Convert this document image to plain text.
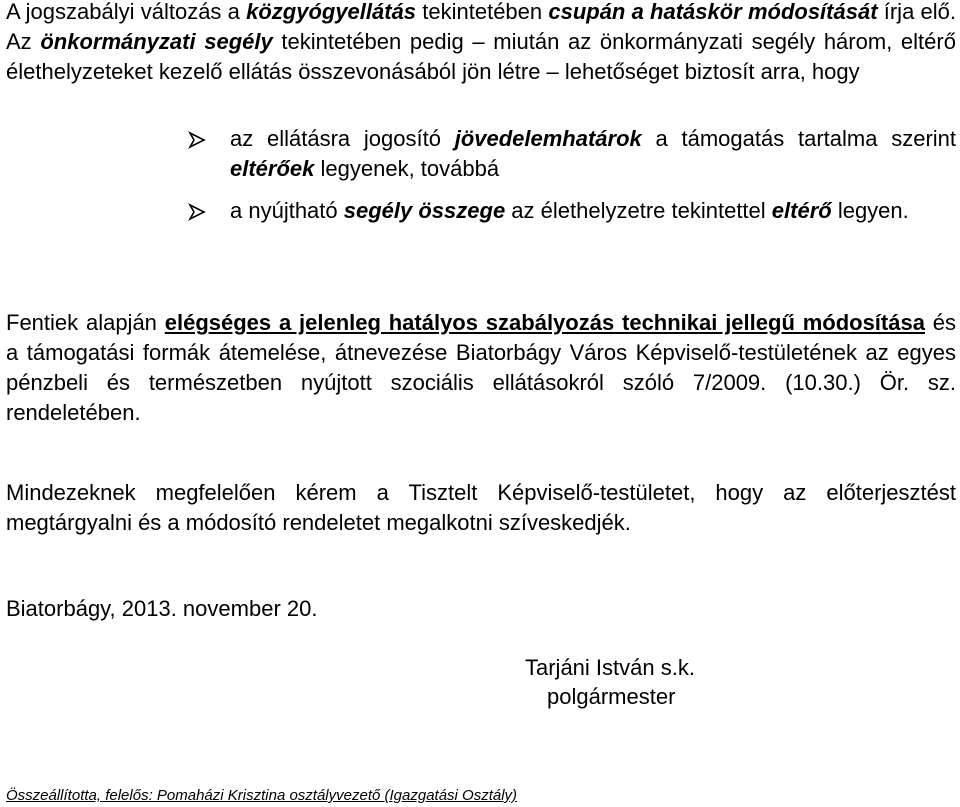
A jogszabályi változás a közgyógyellátás tekintetében csupán a hatáskör módosítását írja elő. Az önkormányzati segély tekintetében pedig – miután az önkormányzati segély három, eltérő élethelyzeteket kezelő ellátás összevonásából jön létre – lehetőséget biztosít arra, hogy
az ellátásra jogosító jövedelemhatárok a támogatás tartalma szerint eltérőek legyenek, továbbá
a nyújtható segély összege az élethelyzetre tekintettel eltérő legyen.
Fentiek alapján elégséges a jelenleg hatályos szabályozás technikai jellegű módosítása és a támogatási formák átemelése, átnevezése Biatorbágy Város Képviselő-testületének az egyes pénzbeli és természetben nyújtott szociális ellátásokról szóló 7/2009. (10.30.) Ör. sz. rendeletében.
Mindezeknek megfelelően kérem a Tisztelt Képviselő-testületet, hogy az előterjesztést megtárgyalni és a módosító rendeletet megalkotni szíveskedjék.
Biatorbágy, 2013. november 20.
Tarjáni István s.k.
polgármester
Összeállította, felelős: Pomaházi Krisztina osztályvezető (Igazgatási Osztály)
